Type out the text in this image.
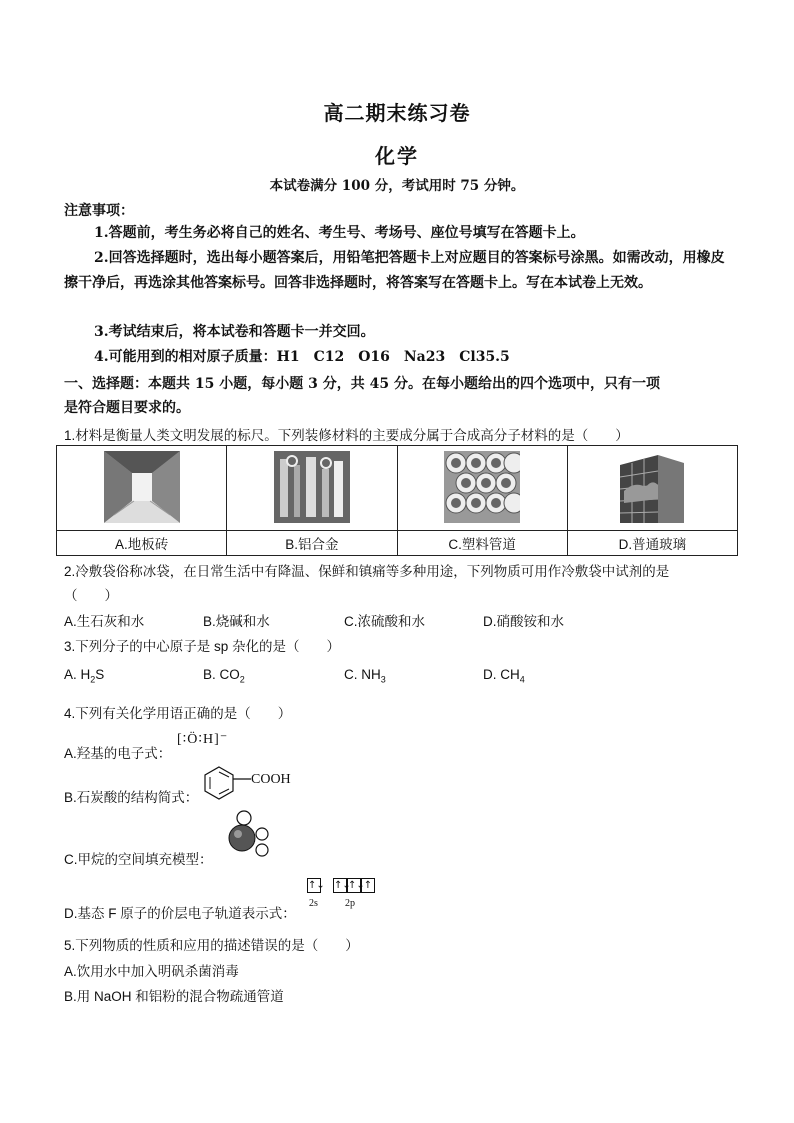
高二期末练习卷
化学
本试卷满分 100 分，考试用时 75 分钟。
注意事项：
1.答题前，考生务必将自己的姓名、考生号、考场号、座位号填写在答题卡上。
2.回答选择题时，选出每小题答案后，用铅笔把答题卡上对应题目的答案标号涂黑。如需改动，用橡皮擦干净后，再选涂其他答案标号。回答非选择题时，将答案写在答题卡上。写在本试卷上无效。
3.考试结束后，将本试卷和答题卡一并交回。
4.可能用到的相对原子质量：H1　C12　O16　Na23　Cl35.5
一、选择题：本题共 15 小题，每小题 3 分，共 45 分。在每小题给出的四个选项中，只有一项
是符合题目要求的。
1.材料是衡量人类文明发展的标尺。下列装修材料的主要成分属于合成高分子材料的是（　　）

A.地板砖	B.铝合金	C.塑料管道	D.普通玻璃
2.冷敷袋俗称冰袋，在日常生活中有降温、保鲜和镇痛等多种用途，下列物质可用作冷敷袋中试剂的是
（　　）
A.生石灰和水	B.烧碱和水	C.浓硫酸和水	D.硝酸铵和水
3.下列分子的中心原子是 sp 杂化的是（　　）
A. $H_2S$	B. $CO_2$	C. $NH_3$	D. $CH_4$
4.下列有关化学用语正确的是（　　）
A.羟基的电子式：
[∶Ö∶H]⁻
B.石炭酸的结构简式：
COOH
C.甲烷的空间填充模型：
D.基态 F 原子的价层电子轨道表示式：
↑↓ ↑↓
↑↓ ↑
2s	2p
5.下列物质的性质和应用的描述错误的是（　　）
A.饮用水中加入明矾杀菌消毒
B.用 NaOH 和铝粉的混合物疏通管道
